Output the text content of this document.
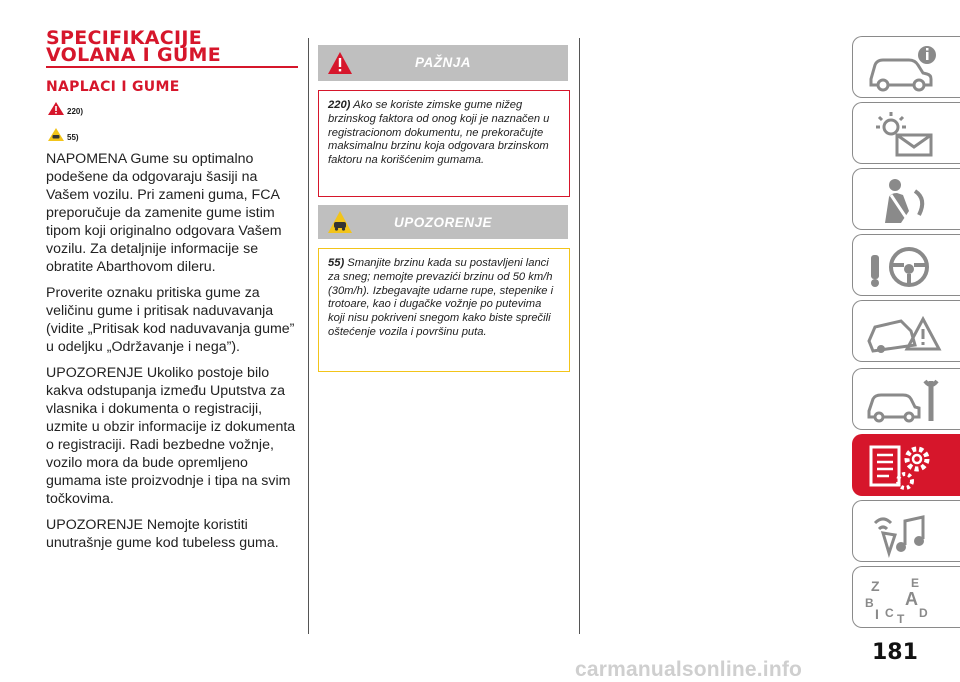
SPECIFIKACIJE
VOLANA I GUME
NAPLACI I GUME
220)
55)

NAPOMENA Gume su optimalno podešene da odgovaraju šasiji na Vašem vozilu. Pri zameni guma, FCA preporučuje da zamenite gume istim tipom koji originalno odgovara Vašem vozilu. Za detaljnije informacije se obratite Abarthovom dileru.

Proverite oznaku pritiska gume za veličinu gume i pritisak naduvavanja (vidite „Pritisak kod naduvavanja gume” u odeljku „Održavanje i nega”).

UPOZORENJE Ukoliko postoje bilo kakva odstupanja između Uputstva za vlasnika i dokumenta o registraciji, uzmite u obzir informacije iz dokumenta o registraciji. Radi bezbedne vožnje, vozilo mora da bude opremljeno gumama iste proizvodnje i tipa na svim točkovima.

UPOZORENJE Nemojte koristiti unutrašnje gume kod tubeless guma.

PAŽNJA
220) Ako se koriste zimske gume nižeg brzinskog faktora od onog koji je naznačen u registracionom dokumentu, ne prekoračujte maksimalnu brzinu koja odgovara brzinskom faktoru na korišćenim gumama.
UPOZORENJE
55) Smanjite brzinu kada su postavljeni lanci za sneg; nemojte prevazići brzinu od 50 km/h (30m/h). Izbegavajte udarne rupe, stepenike i trotoare, kao i dugačke vožnje po putevima koji nisu pokriveni snegom kako biste sprečili oštećenje vozila i površinu puta.
Z	E
B A
I C D
T
181
carmanualsonline.info
